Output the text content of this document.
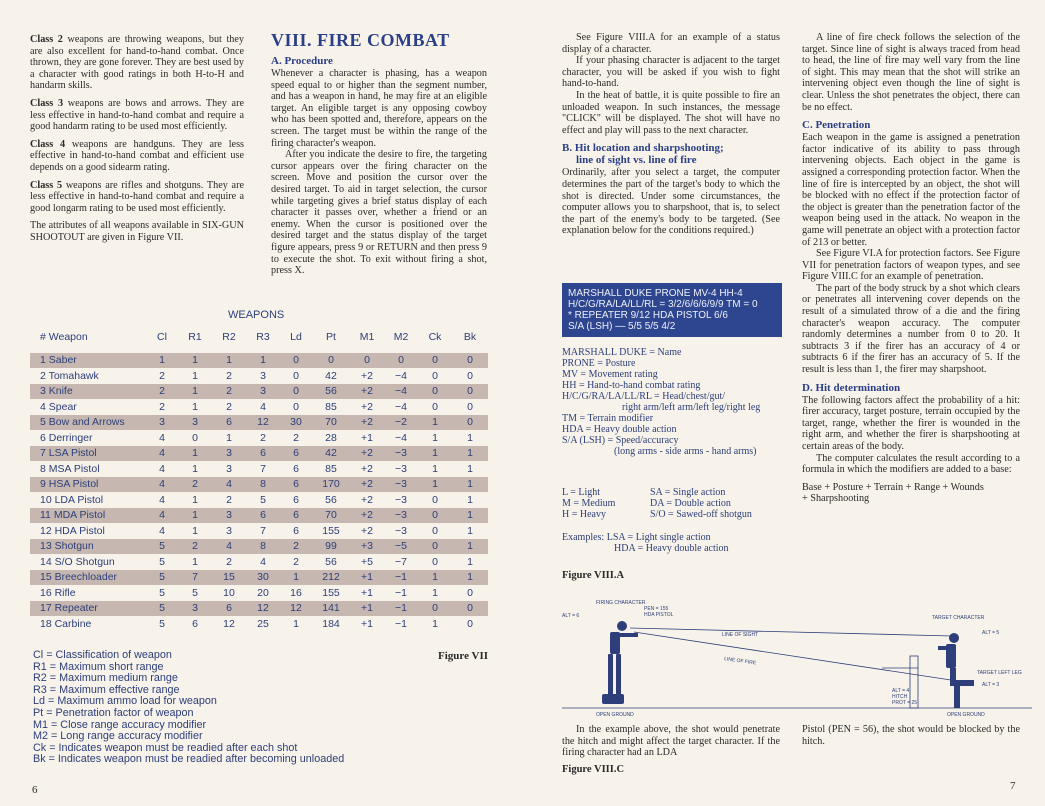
Class 2 weapons are throwing weapons, but they are also excellent for hand-to-hand combat. Once thrown, they are gone forever. They are best used by a character with good ratings in both H-to-H and handarm skills.
Class 3 weapons are bows and arrows. They are less effective in hand-to-hand combat and require a good handarm rating to be used most efficiently.
Class 4 weapons are handguns. They are less effective in hand-to-hand combat and efficient use depends on a good sidearm rating.
Class 5 weapons are rifles and shotguns. They are less effective in hand-to-hand combat and require a good longarm rating to be used most efficiently.
The attributes of all weapons available in SIX-GUN SHOOTOUT are given in Figure VII.
VIII. FIRE COMBAT
A. Procedure
Whenever a character is phasing, has a weapon speed equal to or higher than the segment number, and has a weapon in hand, he may fire at an eligible target. An eligible target is any opposing cowboy who has been spotted and, therefore, appears on the screen. The target must be within the range of the firing character's weapon.
After you indicate the desire to fire, the targeting cursor appears over the firing character on the screen. Move and position the cursor over the desired target. To aid in target selection, the cursor while targeting gives a brief status display of each character it passes over, whether a friend or an enemy. When the cursor is positioned over the desired target and the status display of the target figure appears, press 9 or RETURN and then press 9 to execute the shot. To exit without firing a shot, press X.
WEAPONS
# Weapon	Cl	R1	R2	R3	Ld	Pt	M1	M2	Ck	Bk

1 Saber	1	1	1	1	0	0	0	0	0	0
2 Tomahawk	2	1	2	3	0	42	+2	−4	0	0
3 Knife	2	1	2	3	0	56	+2	−4	0	0
4 Spear	2	1	2	4	0	85	+2	−4	0	0
5 Bow and Arrows	3	3	6	12	30	70	+2	−2	1	0
6 Derringer	4	0	1	2	2	28	+1	−4	1	1
7 LSA Pistol	4	1	3	6	6	42	+2	−3	1	1
8 MSA Pistol	4	1	3	7	6	85	+2	−3	1	1
9 HSA Pistol	4	2	4	8	6	170	+2	−3	1	1
10 LDA Pistol	4	1	2	5	6	56	+2	−3	0	1
11 MDA Pistol	4	1	3	6	6	70	+2	−3	0	1
12 HDA Pistol	4	1	3	7	6	155	+2	−3	0	1
13 Shotgun	5	2	4	8	2	99	+3	−5	0	1
14 S/O Shotgun	5	1	2	4	2	56	+5	−7	0	1
15 Breechloader	5	7	15	30	1	212	+1	−1	1	1
16 Rifle	5	5	10	20	16	155	+1	−1	1	0
17 Repeater	5	3	6	12	12	141	+1	−1	0	0
18 Carbine	5	6	12	25	1	184	+1	−1	1	0
Cl = Classification of weapon
R1 = Maximum short range
R2 = Maximum medium range
R3 = Maximum effective range
Ld = Maximum ammo load for weapon
Pt = Penetration factor of weapon
M1 = Close range accuracy modifier
M2 = Long range accuracy modifier
Ck = Indicates weapon must be readied after each shot
Bk = Indicates weapon must be readied after becoming unloaded
Figure VII
6
See Figure VIII.A for an example of a status display of a character.
If your phasing character is adjacent to the target character, you will be asked if you wish to fight hand-to-hand.
In the heat of battle, it is quite possible to fire an unloaded weapon. In such instances, the message "CLICK" will be displayed. The shot will have no effect and play will pass to the next character.
B. Hit location and sharpshooting;
line of sight vs. line of fire
Ordinarily, after you select a target, the computer determines the part of the target's body to which the shot is directed. Under some circumstances, the computer allows you to sharpshoot, that is, to select the part of the enemy's body to be targeted. (See explanation below for the conditions required.)
MARSHALL DUKE PRONE MV-4 HH-4
H/C/G/RA/LA/LL/RL = 3/2/6/6/6/9/9 TM = 0
* REPEATER 9/12 HDA PISTOL 6/6
S/A (LSH) — 5/5 5/5 4/2
MARSHALL DUKE = Name
PRONE = Posture
MV = Movement rating
HH = Hand-to-hand combat rating
H/C/G/RA/LA/LL/RL = Head/chest/gut/
right arm/left arm/left leg/right leg
TM = Terrain modifier
HDA = Heavy double action
S/A (LSH) = Speed/accuracy
(long arms - side arms - hand arms)
L = Light
M = Medium
H = Heavy
SA = Single action
DA = Double action
S/O = Sawed-off shotgun
Examples: LSA = Light single action
HDA = Heavy double action
Figure VIII.A
FIRING CHARACTER
PEN = 155
HDA PISTOL
ALT = 6
LINE OF SIGHT
LINE OF FIRE
TARGET CHARACTER
ALT = 5
TARGET LEFT LEG
ALT = 3
ALT = 4
HITCH
PROT = 25
OPEN GROUND	OPEN GROUND
In the example above, the shot would penetrate the hitch and might affect the target character. If the firing character had an LDA
Pistol (PEN = 56), the shot would be blocked by the hitch.
Figure VIII.C
A line of fire check follows the selection of the target. Since line of sight is always traced from head to head, the line of fire may well vary from the line of sight. This may mean that the shot will strike an intervening object even though the line of sight is clear. Unless the shot penetrates the object, there can be no effect.
C. Penetration
Each weapon in the game is assigned a penetration factor indicative of its ability to pass through intervening objects. Each object in the game is assigned a corresponding protection factor. When the line of fire is intercepted by an object, the shot will be blocked with no effect if the protection factor of the object is greater than the penetration factor of the weapon being used in the attack. No weapon in the game will penetrate an object with a protection factor of 213 or better.
See Figure VI.A for protection factors. See Figure VII for penetration factors of weapon types, and see Figure VIII.C for an example of penetration.
The part of the body struck by a shot which clears or penetrates all intervening cover depends on the result of a simulated throw of a die and the firing character's weapon accuracy. The computer randomly determines a number from 0 to 20. It subtracts 3 if the firer has an accuracy of 4 or subtracts 6 if the firer has an accuracy of 5. If the result is less than 1, the firer may sharpshoot.
D. Hit determination
The following factors affect the probability of a hit: firer accuracy, target posture, terrain occupied by the target, range, whether the firer is wounded in the right arm, and whether the firer is sharpshooting at certain areas of the body.
The computer calculates the result according to a formula in which the modifiers are added to a base:
Base + Posture + Terrain + Range + Wounds
+ Sharpshooting
7
